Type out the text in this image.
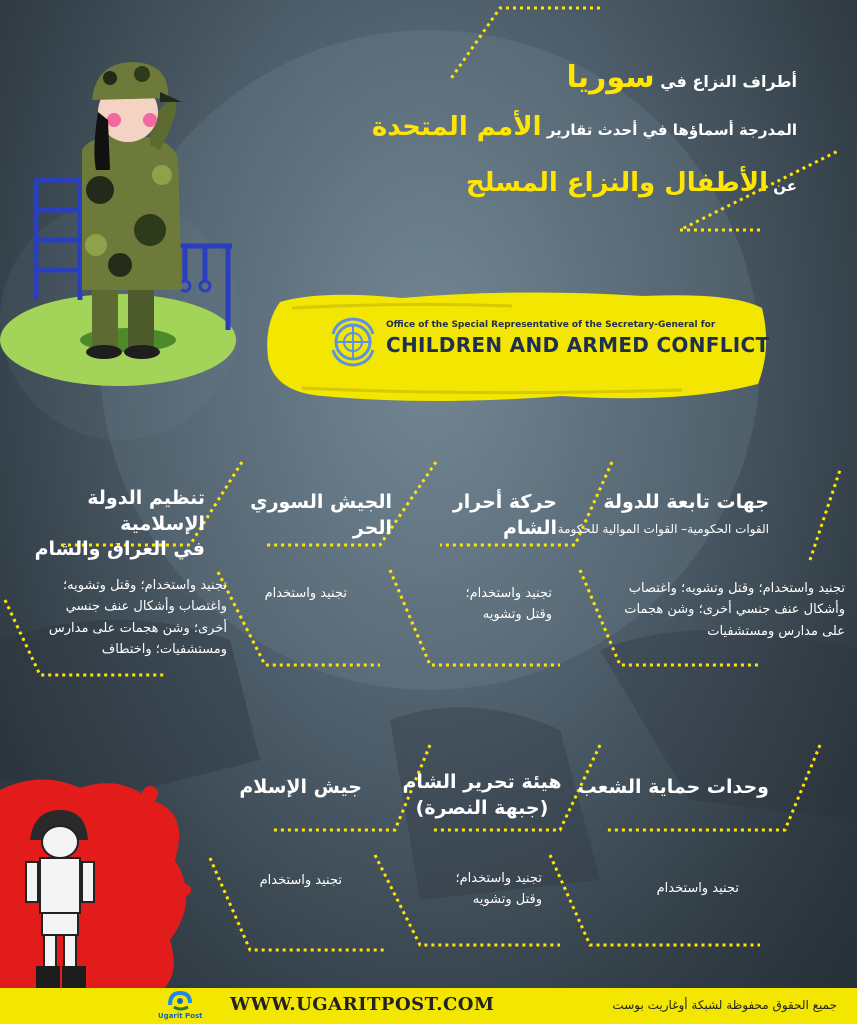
أطراف النزاع في سوريا
المدرجة أسماؤها في أحدث تقارير الأمم المتحدة
عن الأطفال والنزاع المسلح
Office of the Special Representative of the Secretary-General for
CHILDREN AND ARMED CONFLICT
جهات تابعة للدولة
القوات الحكومية– القوات الموالية للحكومة
تجنيد واستخدام؛ وقتل وتشويه؛ واغتصاب
وأشكال عنف جنسي أخرى؛ وشن هجمات
على مدارس ومستشفيات
حركة أحرار الشام
تجنيد واستخدام؛
وقتل وتشويه
الجيش السوري الحر
تجنيد واستخدام
تنظيم الدولة الإسلامية
في العراق والشام
تجنيد واستخدام؛ وقتل وتشويه؛
واغتصاب وأشكال عنف جنسي
أخرى؛ وشن هجمات على مدارس
ومستشفيات؛ واختطاف
وحدات حماية الشعب
تجنيد واستخدام
هيئة تحرير الشام
(جبهة النصرة)
تجنيد واستخدام؛
وقتل وتشويه
جيش الإسلام
تجنيد واستخدام
Ugarit Post
WWW.UGARITPOST.COM	جميع الحقوق محفوظة لشبكة أوغاريت بوست
